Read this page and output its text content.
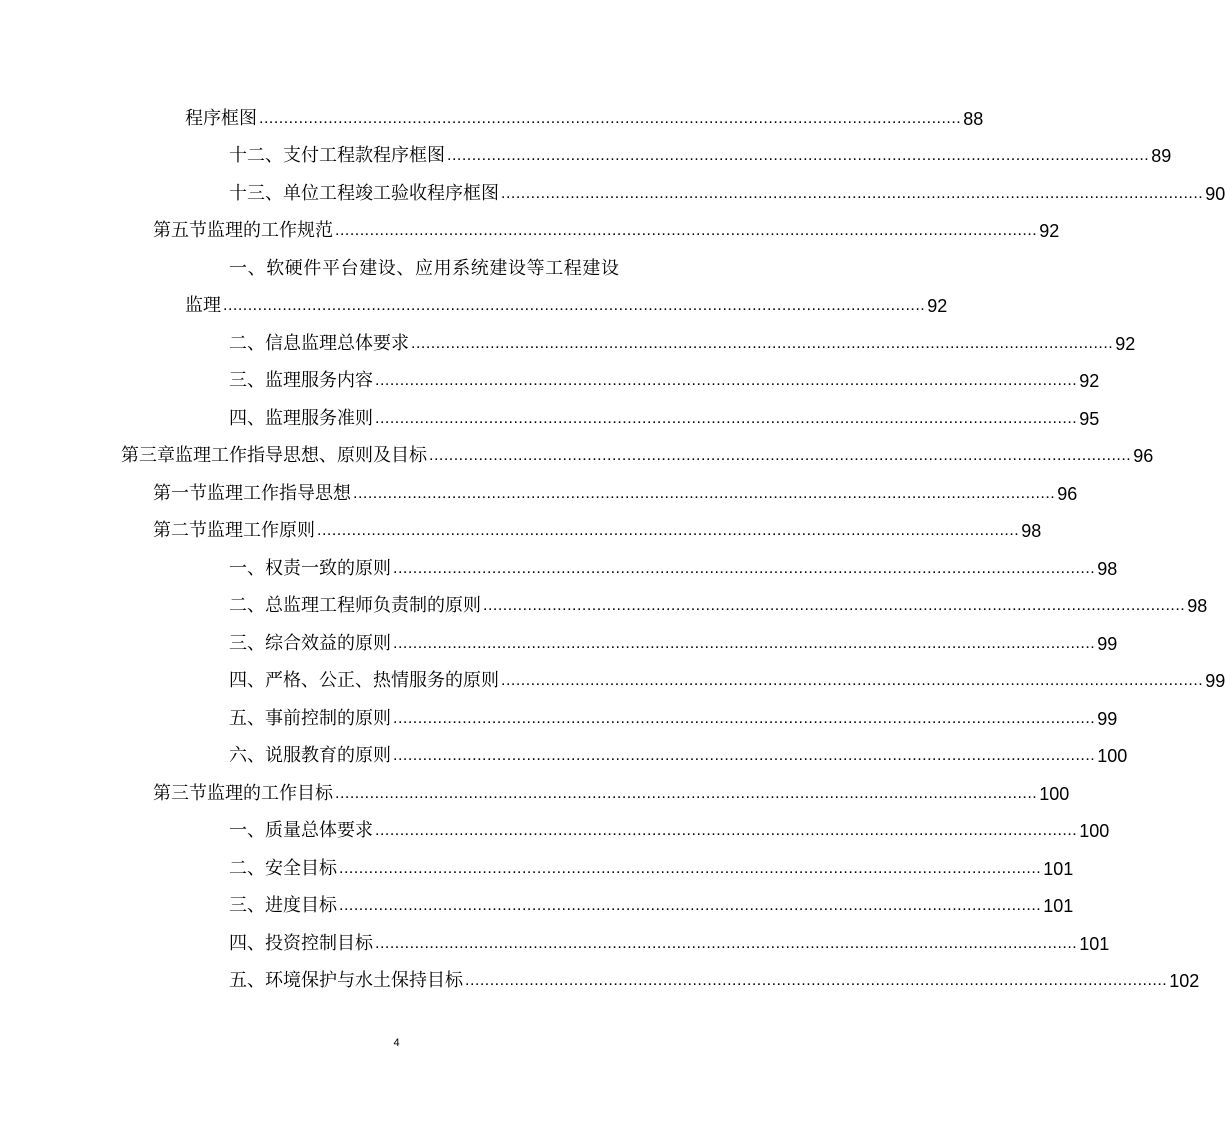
程序框图 .............................................................................................................................................. 88
十二、 支付工程款程序框图 .............................................................................................................................................. 89
十三、 单位工程竣工验收程序框图 .............................................................................................................................................. 90
第五节 监理的工作规范 .............................................................................................................................................. 92
一、软硬件平台建设、应用系统建设等工程建设
监理 .............................................................................................................................................. 92
二、信息监理总体要求 .............................................................................................................................................. 92
三、监理服务内容 .............................................................................................................................................. 92
四、监理服务准则 .............................................................................................................................................. 95
第三章 监理工作指导思想、原则及目标 .............................................................................................................................................. 96
第一节 监理工作指导思想 .............................................................................................................................................. 96
第二节 监理工作原则 .............................................................................................................................................. 98
一、 权责一致的原则 .............................................................................................................................................. 98
二、 总监理工程师负责制的原则 .............................................................................................................................................. 98
三、 综合效益的原则 .............................................................................................................................................. 99
四、 严格、公正、热情服务的原则 .............................................................................................................................................. 99
五、 事前控制的原则 .............................................................................................................................................. 99
六、 说服教育的原则 .............................................................................................................................................. 100
第三节 监理的工作目标 .............................................................................................................................................. 100
一、质量总体要求 .............................................................................................................................................. 100
二、安全目标 .............................................................................................................................................. 101
三、进度目标 .............................................................................................................................................. 101
四、投资控制目标 .............................................................................................................................................. 101
五、环境保护与水土保持目标 .............................................................................................................................................. 102
4
